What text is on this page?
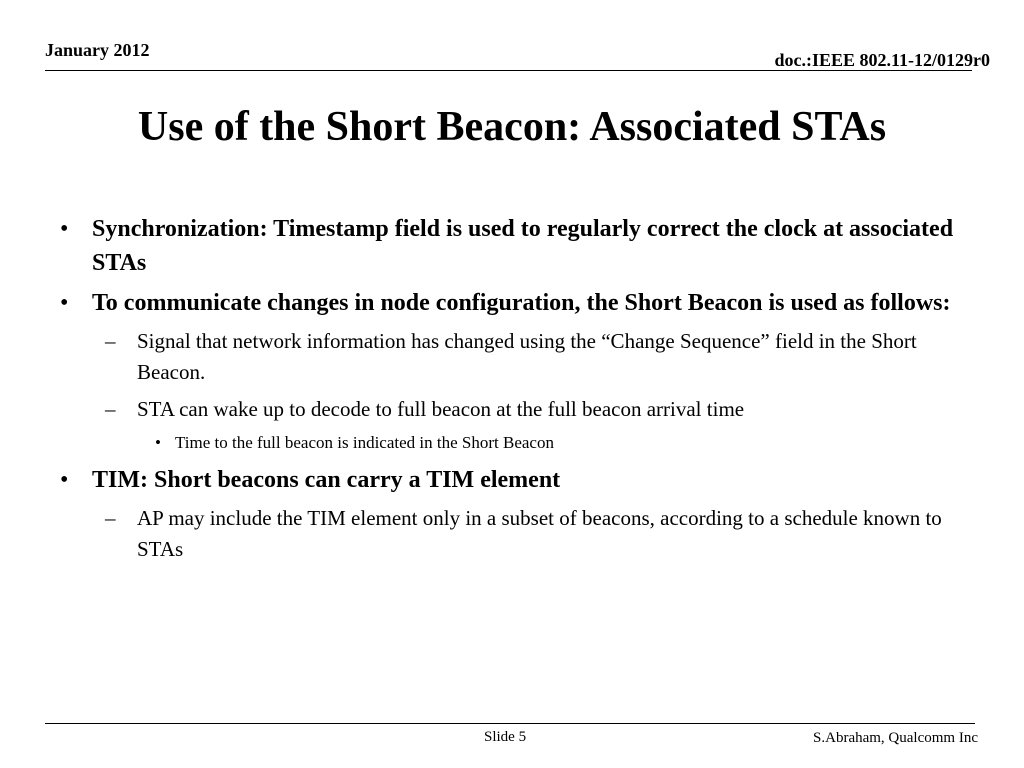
January 2012	doc.:IEEE 802.11-12/0129r0
Use of the Short Beacon: Associated STAs
• Synchronization: Timestamp field is used to regularly correct the clock at associated STAs
• To communicate changes in node configuration, the Short Beacon is used as follows:
– Signal that network information has changed using the “Change Sequence” field in the Short Beacon.
– STA can wake up to decode to full beacon at the full beacon arrival time
• Time to the full beacon is indicated in the Short Beacon
• TIM: Short beacons can carry a TIM element
– AP may include the TIM element only in a subset of beacons, according to a schedule known to STAs
Slide 5	S.Abraham, Qualcomm Inc
